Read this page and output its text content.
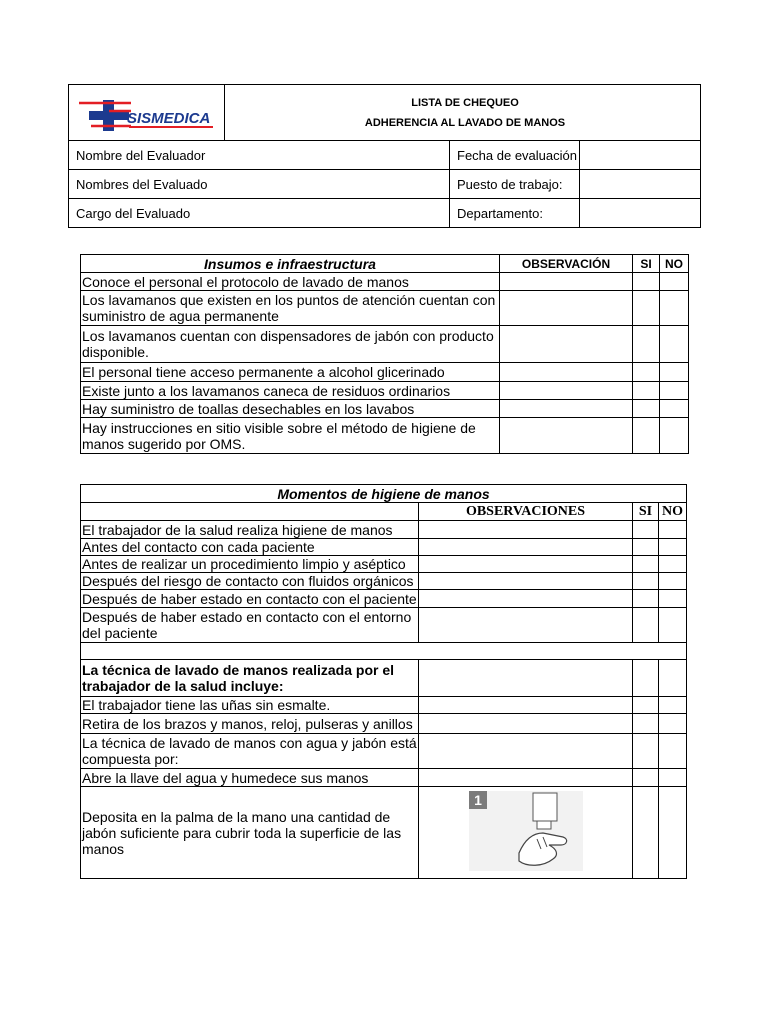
SISMEDICA	LISTA DE CHEQUEO
ADHERENCIA AL LAVADO DE MANOS		

Nombre del Evaluador		Fecha de evaluación	
Nombres del Evaluado		Puesto de trabajo:	
Cargo del Evaluado		Departamento:	
Insumos e infraestructura	OBSERVACIÓN	SI	NO
Conoce el personal el protocolo de lavado de manos			
Los lavamanos que existen en los puntos de atención cuentan con suministro de agua permanente			
Los lavamanos cuentan con dispensadores de jabón con producto disponible.			
El personal tiene acceso permanente a alcohol glicerinado			
Existe junto a los lavamanos caneca de residuos ordinarios			
Hay suministro de toallas desechables en los lavabos			
Hay instrucciones en sitio visible sobre el método de higiene de manos sugerido por OMS.			
Momentos de higiene de manos			
	OBSERVACIONES	SI	NO
El trabajador de la salud realiza higiene de manos			
Antes del contacto con cada paciente			
Antes de realizar un procedimiento limpio y aséptico			
Después del riesgo de contacto con fluidos orgánicos			
Después de haber estado en contacto con el paciente			
Después de haber estado en contacto con el entorno del paciente			

La técnica de lavado de manos realizada por el trabajador de la salud incluye:			
El trabajador tiene las uñas sin esmalte.			
Retira de los brazos y manos, reloj, pulseras y anillos			
La técnica de lavado de manos con agua y jabón está compuesta por:			
Abre la llave del agua y humedece sus manos			
Deposita en la palma de la mano una cantidad de jabón suficiente para cubrir toda la superficie de las manos	1		
